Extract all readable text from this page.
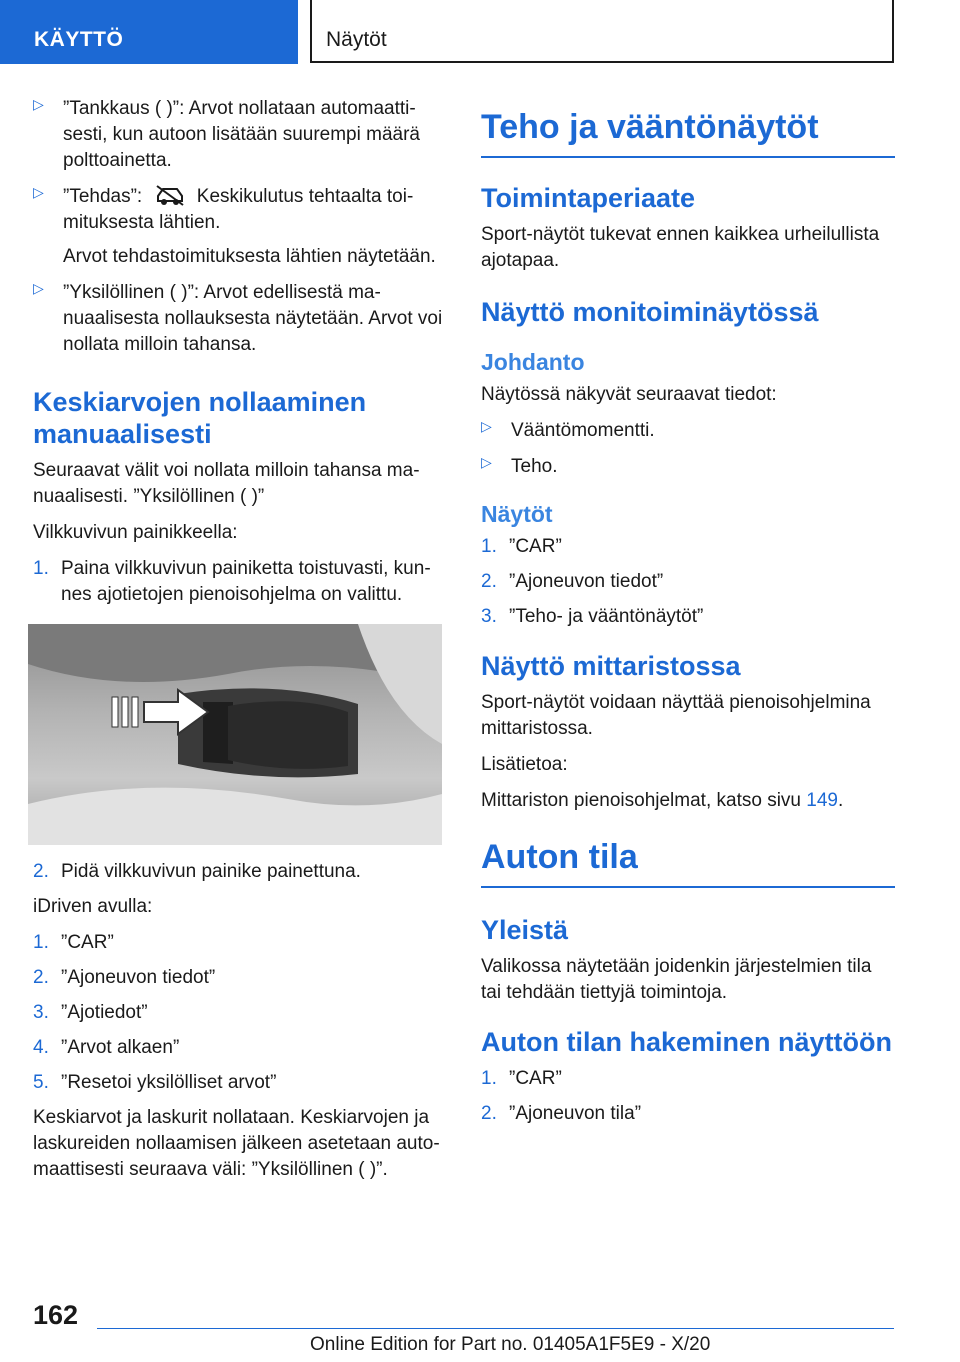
KÄYTTÖ	Näytöt
▷ ”Tankkaus ( )”: Arvot nollataan automaattisesti, kun autoon lisätään suurempi määrä polttoainetta.
▷ ”Tehdas”:	Keskikulutus tehtaalta toimituksesta lähtien.
Arvot tehdastoimituksesta lähtien näytetään.
▷ ”Yksilöllinen ( )”: Arvot edellisestä manuaalisesta nollauksesta näytetään. Arvot voi nollata milloin tahansa.
Keskiarvojen nollaaminen manuaalisesti

Seuraavat välit voi nollata milloin tahansa manuaalisesti. ”Yksilöllinen ( )”

Vilkkuvivun painikkeella:

1. Paina vilkkuvivun painiketta toistuvasti, kunnes ajotietojen pienoisohjelma on valittu.
2. Pidä vilkkuvivun painike painettuna.

iDriven avulla:

1. ”CAR”
2. ”Ajoneuvon tiedot”
3. ”Ajotiedot”
4. ”Arvot alkaen”
5. ”Resetoi yksilölliset arvot”

Keskiarvot ja laskurit nollataan. Keskiarvojen ja laskureiden nollaamisen jälkeen asetetaan automaattisesti seuraava väli: ”Yksilöllinen ( )”.

Teho ja vääntönäytöt
Toimintaperiaate

Sport-näytöt tukevat ennen kaikkea urheilullista ajotapaa.

Näyttö monitoiminäytössä
Johdanto

Näytössä näkyvät seuraavat tiedot:

▷ Vääntömomentti.
▷ Teho.
Näytöt
1. ”CAR”
2. ”Ajoneuvon tiedot”
3. ”Teho- ja vääntönäytöt”
Näyttö mittaristossa

Sport-näytöt voidaan näyttää pienoisohjelmina mittaristossa.

Lisätietoa:

Mittariston pienoisohjelmat, katso sivu 149.

Auton tila
Yleistä

Valikossa näytetään joidenkin järjestelmien tila tai tehdään tiettyjä toimintoja.

Auton tilan hakeminen näyttöön
1. ”CAR”
2. ”Ajoneuvon tila”
162
Online Edition for Part no. 01405A1F5E9 - X/20
